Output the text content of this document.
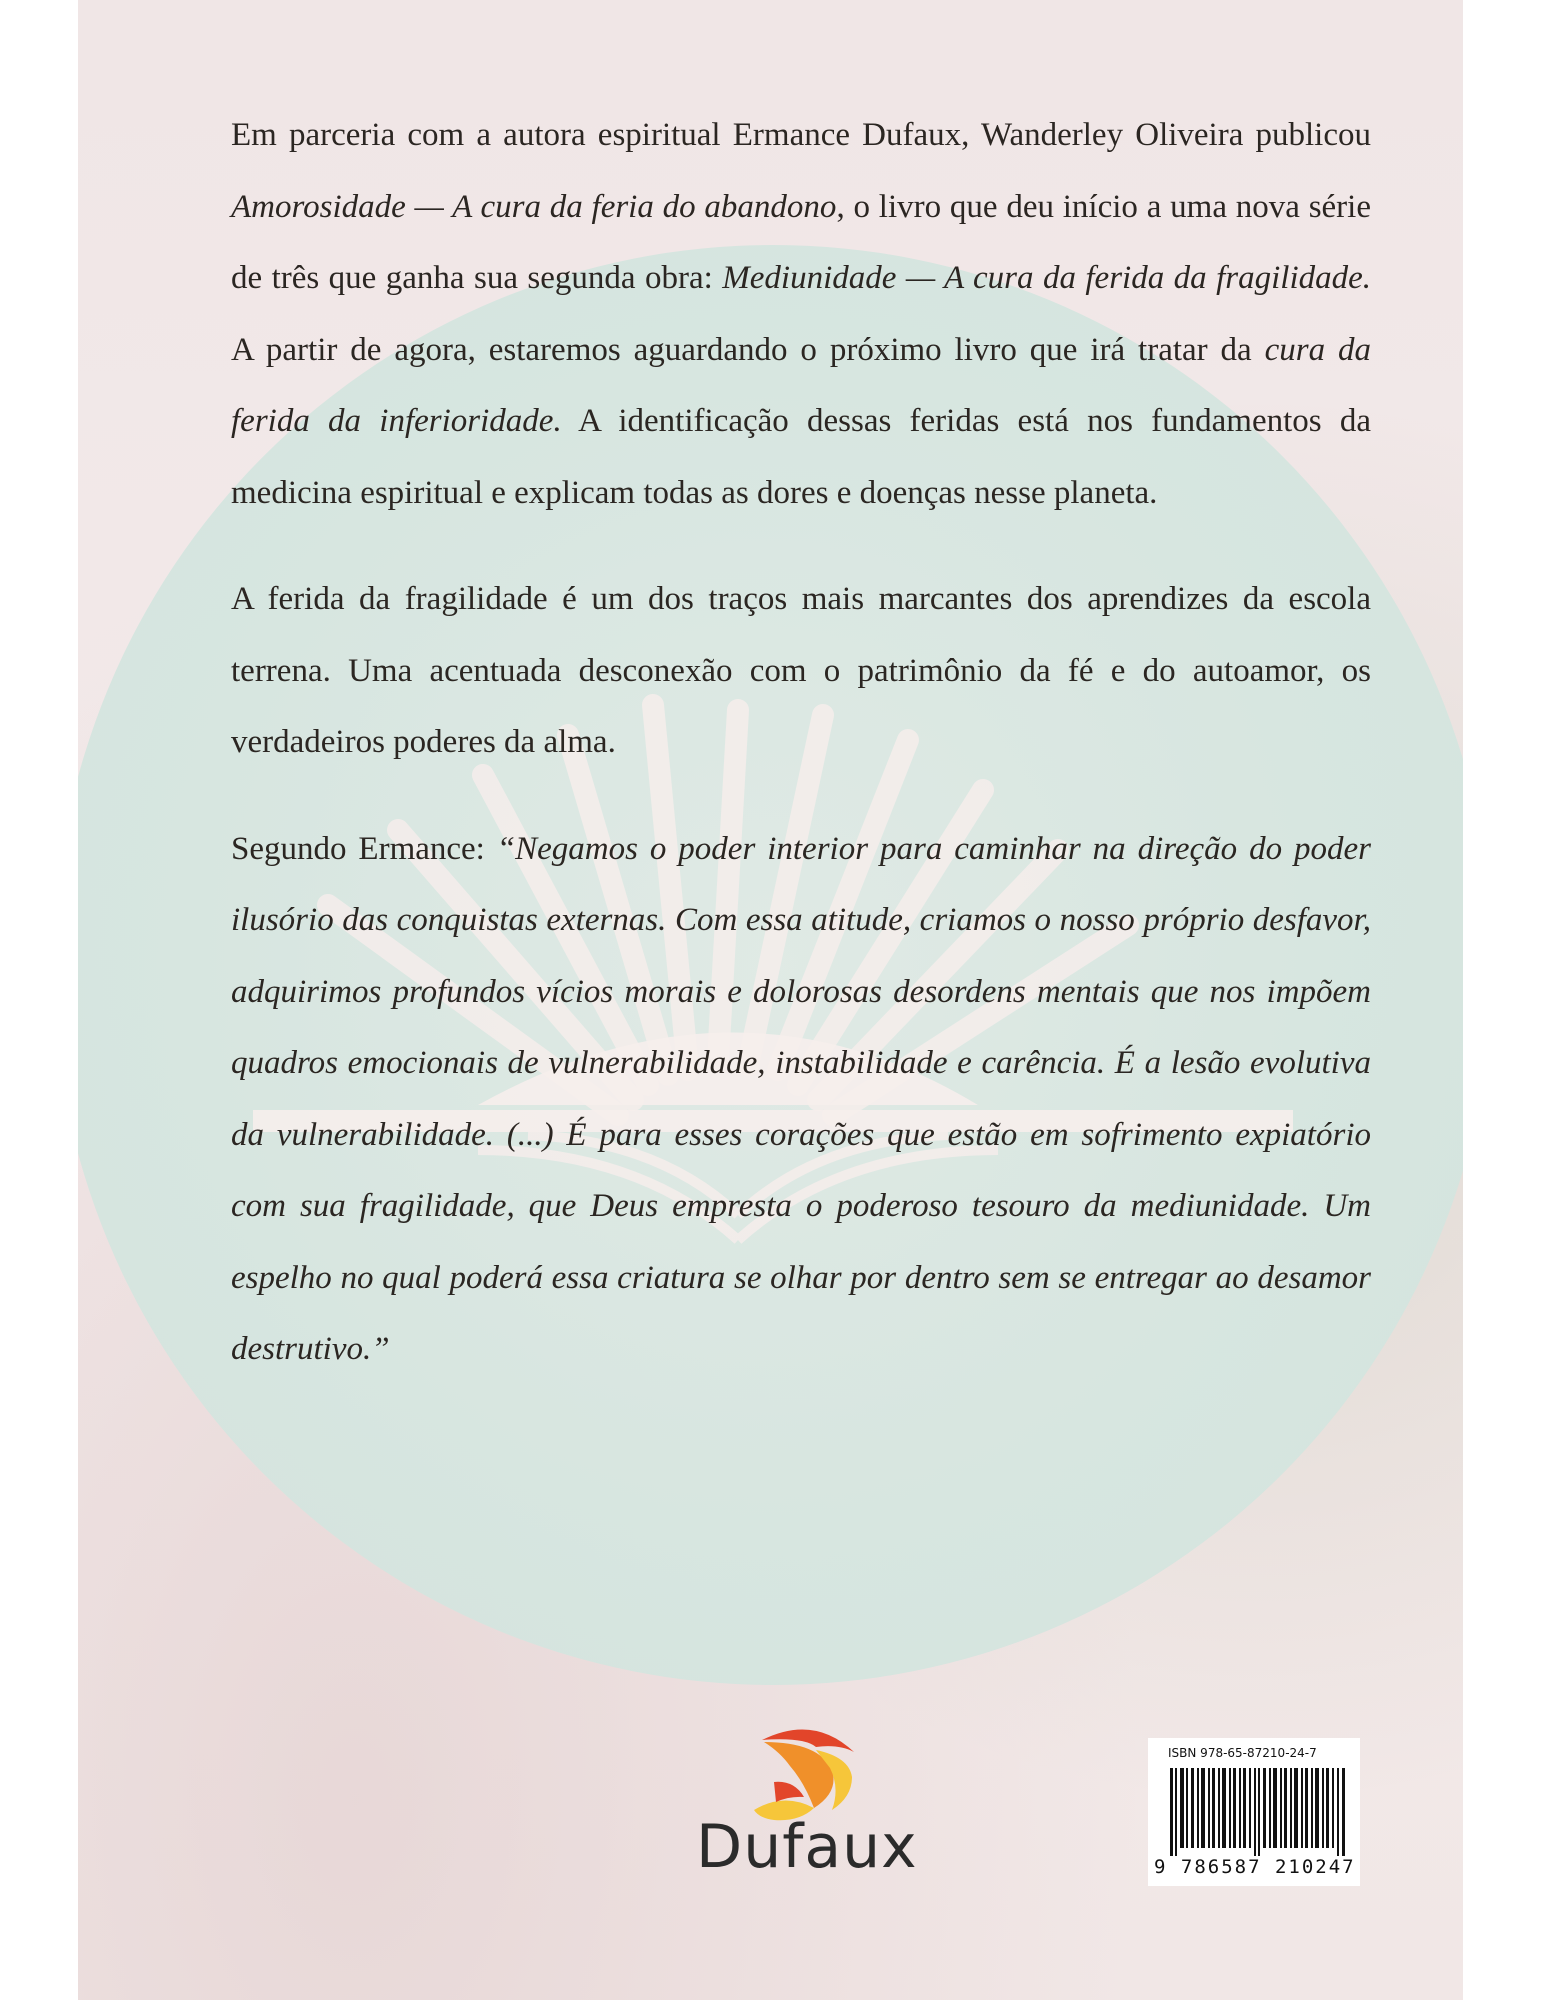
Em parceria com a autora espiritual Ermance Dufaux, Wanderley Oliveira publicou Amorosidade — A cura da feria do abandono, o livro que deu início a uma nova série de três que ganha sua segunda obra: Mediunidade — A cura da ferida da fragilidade. A partir de agora, estaremos aguardando o próximo livro que irá tratar da cura da ferida da inferioridade. A identificação dessas feridas está nos fundamentos da medicina espiritual e explicam todas as dores e doenças nesse planeta.

A ferida da fragilidade é um dos traços mais marcantes dos aprendizes da escola terrena. Uma acentuada desconexão com o patrimônio da fé e do autoamor, os verdadeiros poderes da alma.

Segundo Ermance: “Negamos o poder interior para caminhar na direção do poder ilusório das conquistas externas. Com essa atitude, criamos o nosso próprio desfavor, adquirimos profundos vícios morais e dolorosas desordens mentais que nos impõem quadros emocionais de vulnerabilidade, instabilidade e carência. É a lesão evolutiva da vulnerabilidade. (...) É para esses corações que estão em sofrimento expiatório com sua fragilidade, que Deus empresta o poderoso tesouro da mediunidade. Um espelho no qual poderá essa criatura se olhar por dentro sem se entregar ao desamor destrutivo.”

Dufaux
ISBN 978-65-87210-24-7
9 786587 210247
